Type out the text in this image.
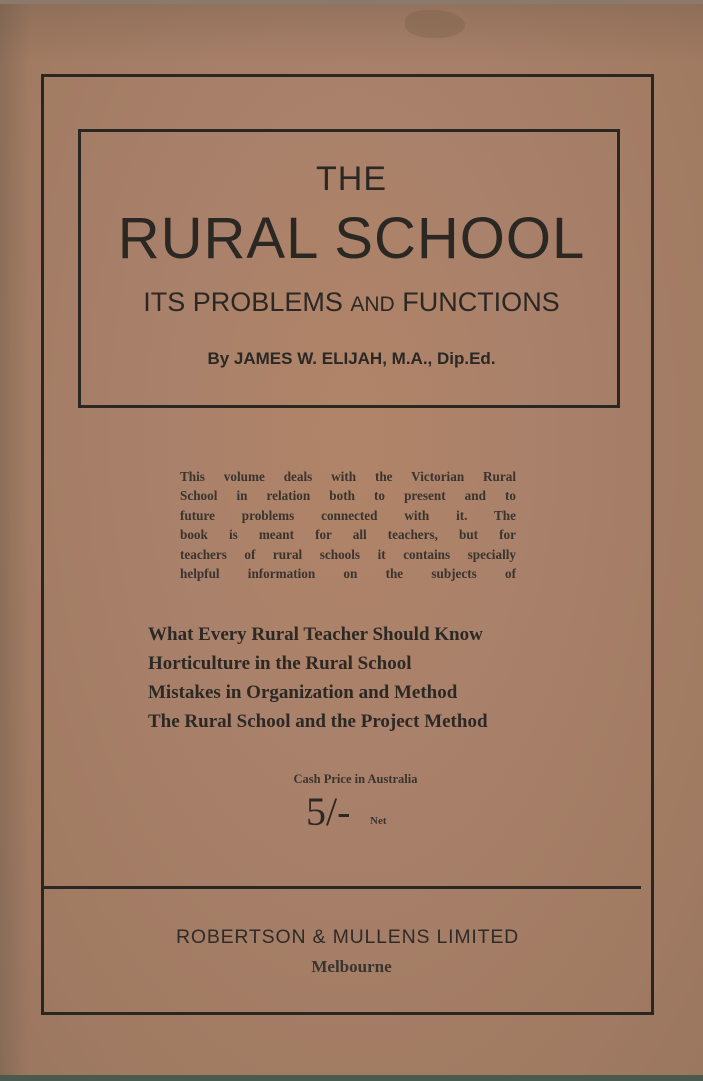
THE
RURAL SCHOOL
ITS PROBLEMS AND FUNCTIONS
By JAMES W. ELIJAH, M.A., Dip.Ed.
This volume deals with the Victorian Rural
School in relation both to present and to
future problems connected with it. The
book is meant for all teachers, but for
teachers of rural schools it contains specially
helpful information on the subjects of
What Every Rural Teacher Should Know
Horticulture in the Rural School
Mistakes in Organization and Method
The Rural School and the Project Method
Cash Price in Australia
5/- Net
ROBERTSON & MULLENS LIMITED
Melbourne
